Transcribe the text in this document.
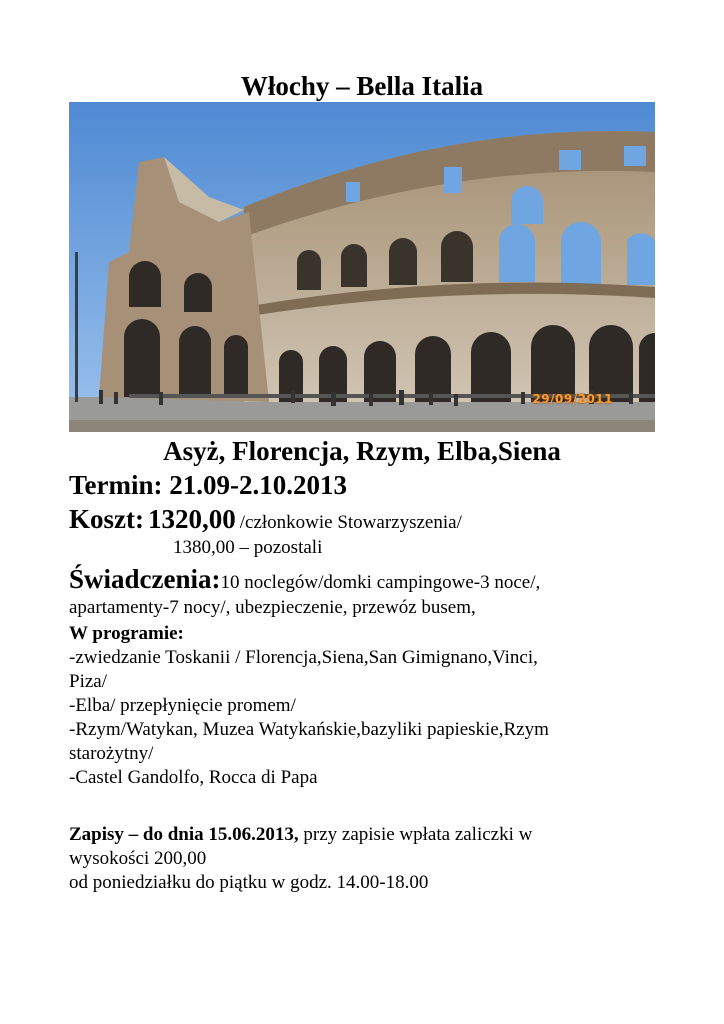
Włochy – Bella Italia
29/09/2011
Asyż, Florencja, Rzym, Elba,Siena
Termin: 21.09-2.10.2013
Koszt: 1320,00 /członkowie Stowarzyszenia/
1380,00 – pozostali
Świadczenia:10 noclegów/domki campingowe-3 noce/,
apartamenty-7 nocy/, ubezpieczenie, przewóz busem,
W programie:
-zwiedzanie Toskanii / Florencja,Siena,San Gimignano,Vinci,
Piza/
-Elba/ przepłynięcie promem/
-Rzym/Watykan, Muzea Watykańskie,bazyliki papieskie,Rzym
starożytny/
-Castel Gandolfo, Rocca di Papa
Zapisy – do dnia 15.06.2013, przy zapisie wpłata zaliczki w
wysokości 200,00
od poniedziałku do piątku w godz. 14.00-18.00
